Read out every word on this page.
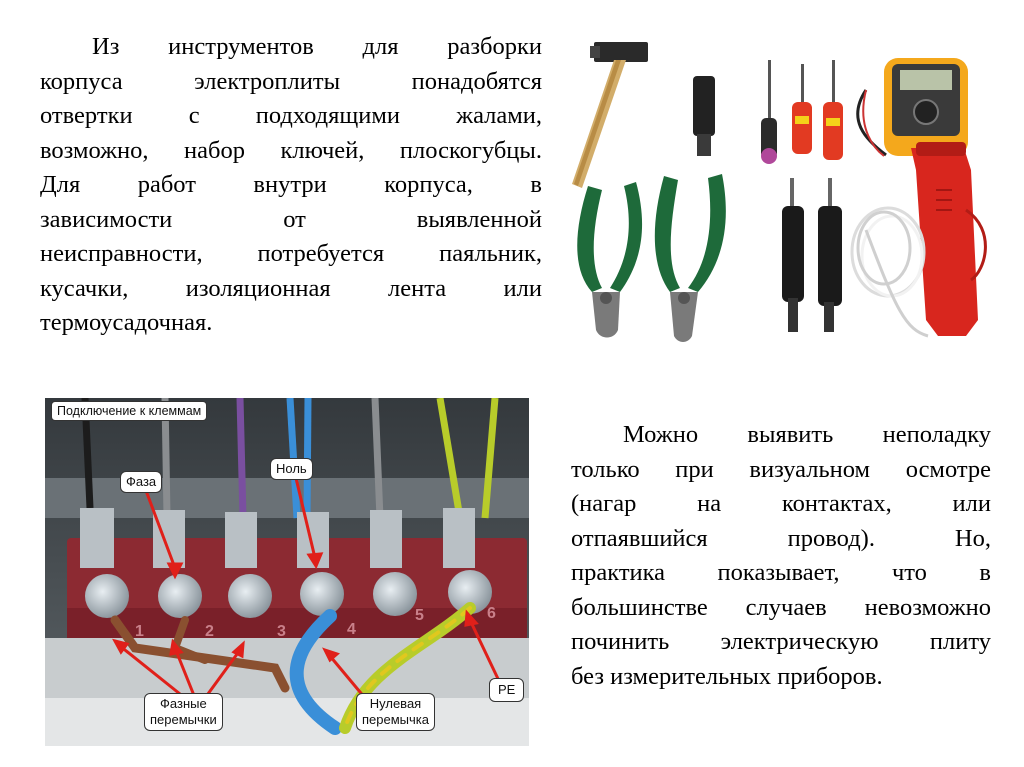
Из инструментов для разборки
корпуса электроплиты понадобятся
отвертки с подходящими жалами,
возможно, набор ключей, плоскогубцы.
Для работ внутри корпуса, в
зависимости от выявленной
неисправности, потребуется паяльник,
кусачки, изоляционная лента или
термоусадочная.
1	2	3	4
5	6
Подключение к клеммам
Фаза
Ноль
PE
Фазные
перемычки
Нулевая
перемычка
Можно выявить неполадку
только при визуальном осмотре
(нагар на контактах, или
отпаявшийся провод). Но,
практика показывает, что в
большинстве случаев невозможно
починить электрическую плиту
без измерительных приборов.
